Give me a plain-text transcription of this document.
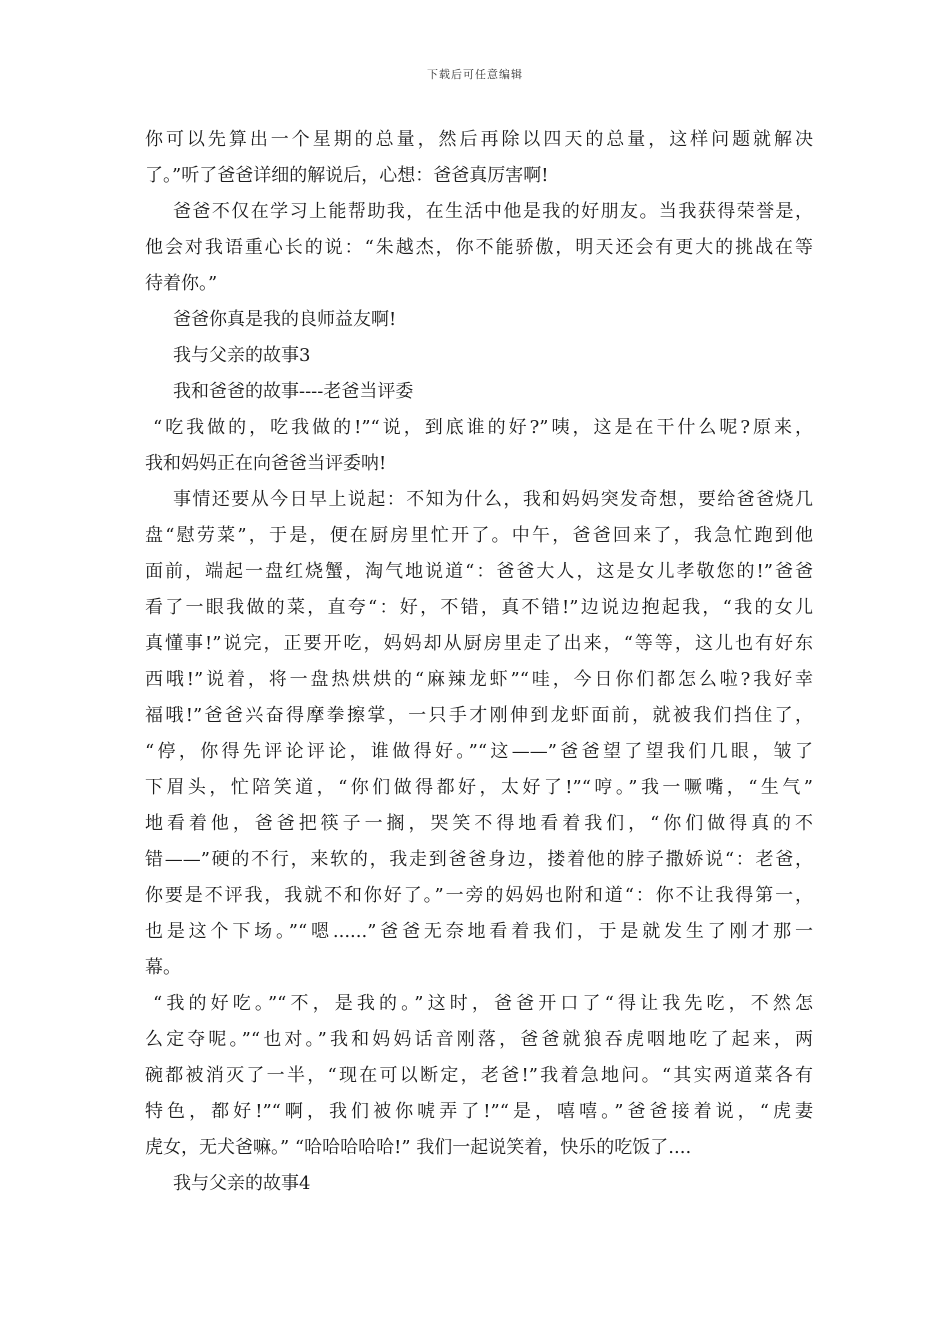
下载后可任意编辑
你可以先算出一个星期的总量，然后再除以四天的总量，这样问题就解决
了。”听了爸爸详细的解说后，心想：爸爸真厉害啊!
爸爸不仅在学习上能帮助我，在生活中他是我的好朋友。当我获得荣誉是，
他会对我语重心长的说：“朱越杰，你不能骄傲，明天还会有更大的挑战在等
待着你。”
爸爸你真是我的良师益友啊!
我与父亲的故事3
我和爸爸的故事----老爸当评委
“吃我做的，吃我做的!”“说，到底谁的好?”咦，这是在干什么呢?原来，
我和妈妈正在向爸爸当评委呐!
事情还要从今日早上说起：不知为什么，我和妈妈突发奇想，要给爸爸烧几
盘“慰劳菜”，于是，便在厨房里忙开了。中午，爸爸回来了，我急忙跑到他
面前，端起一盘红烧蟹，淘气地说道“：爸爸大人，这是女儿孝敬您的!”爸爸
看了一眼我做的菜，直夸“：好，不错，真不错!”边说边抱起我，“我的女儿
真懂事!”说完，正要开吃，妈妈却从厨房里走了出来，“等等，这儿也有好东
西哦!”说着，将一盘热烘烘的“麻辣龙虾”“哇，今日你们都怎么啦?我好幸
福哦!”爸爸兴奋得摩拳擦掌，一只手才刚伸到龙虾面前，就被我们挡住了，
“停，你得先评论评论，谁做得好。”“这——”爸爸望了望我们几眼，皱了
下眉头，忙陪笑道，“你们做得都好，太好了!”“哼。”我一噘嘴，“生气”
地看着他，爸爸把筷子一搁，哭笑不得地看着我们，“你们做得真的不
错——”硬的不行，来软的，我走到爸爸身边，搂着他的脖子撒娇说“：老爸，
你要是不评我，我就不和你好了。”一旁的妈妈也附和道“：你不让我得第一，
也是这个下场。”“嗯......”爸爸无奈地看着我们，于是就发生了刚才那一
幕。
“我的好吃。”“不，是我的。”这时，爸爸开口了“得让我先吃，不然怎
么定夺呢。”“也对。”我和妈妈话音刚落，爸爸就狼吞虎咽地吃了起来，两
碗都被消灭了一半，“现在可以断定，老爸!”我着急地问。“其实两道菜各有
特色，都好!”“啊，我们被你唬弄了!”“是，嘻嘻。”爸爸接着说，“虎妻
虎女，无犬爸嘛。” “哈哈哈哈哈!” 我们一起说笑着，快乐的吃饭了....
我与父亲的故事4
